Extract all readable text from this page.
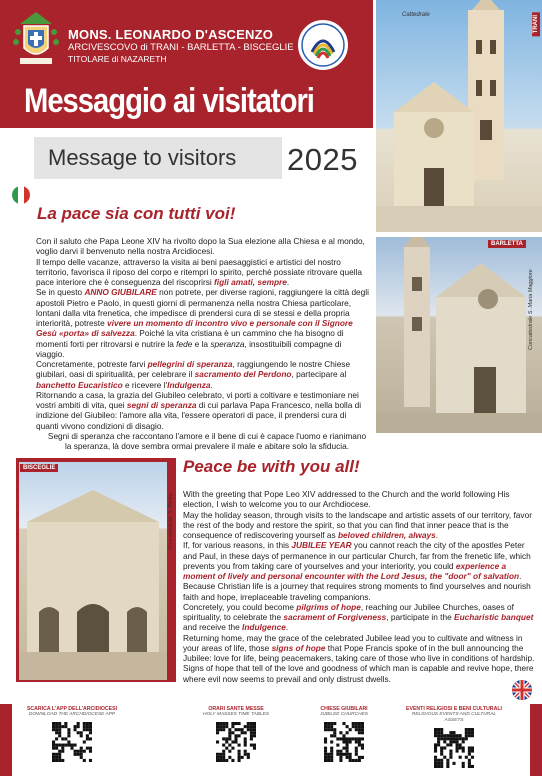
MONS. LEONARDO D'ASCENZO
ARCIVESCOVO di TRANI - BARLETTA - BISCEGLIE
TITOLARE di NAZARETH
Messaggio ai visitatori
Message to visitors 2025
TRANI
Cattedrale
BARLETTA
Concattedrale S. Maria Maggiore
La pace sia con tutti voi!

Con il saluto che Papa Leone XIV ha rivolto dopo la Sua elezione alla Chiesa e al mondo, voglio darvi il benvenuto nella nostra Arcidiocesi.

Il tempo delle vacanze, attraverso la visita ai beni paesaggistici e artistici del nostro territorio, favorisca il riposo del corpo e ritempri lo spirito, perché possiate ritrovare quella pace interiore che è conseguenza del riscoprirsi figli amati, sempre.

Se in questo ANNO GIUBILARE non potrete, per diverse ragioni, raggiungere la città degli apostoli Pietro e Paolo, in questi giorni di permanenza nella nostra Chiesa particolare, lontani dalla vita frenetica, che impedisce di prendersi cura di se stessi e della propria interiorità, potreste vivere un momento di incontro vivo e personale con il Signore Gesù «porta» di salvezza. Poiché la vita cristiana è un cammino che ha bisogno di momenti forti per ritrovarsi e nutrire la fede e la speranza, insostituibili compagne di viaggio.

Concretamente, potreste farvi pellegrini di speranza, raggiungendo le nostre Chiese giubilari, oasi di spiritualità, per celebrare il sacramento del Perdono, partecipare al banchetto Eucaristico e ricevere l'Indulgenza.

Ritornando a casa, la grazia del Giubileo celebrato, vi porti a coltivare e testimoniare nei vostri ambiti di vita, quei segni di speranza di cui parlava Papa Francesco, nella bolla di indizione del Giubileo: l'amore alla vita, l'essere operatori di pace, il prendersi cura di quanti vivono condizioni di disagio.

Segni di speranza che raccontano l'amore e il bene di cui è capace l'uomo e rianimano la speranza, là dove sembra ormai prevalere il male e abitare solo la sfiducia.

BISCEGLIE
Concattedrale S. Pietro
Peace be with you all!

With the greeting that Pope Leo XIV addressed to the Church and the world following His election, I wish to welcome you to our Archdiocese.

May the holiday season, through visits to the landscape and artistic assets of our territory, favor the rest of the body and restore the spirit, so that you can find that inner peace that is the consequence of rediscovering yourself as beloved children, always.

If, for various reasons, in this JUBILEE YEAR you cannot reach the city of the apostles Peter and Paul, in these days of permanence in our particular Church, far from the frenetic life, which prevents you from taking care of yourselves and your interiority, you could experience a moment of lively and personal encounter with the Lord Jesus, the "door" of salvation. Because Christian life is a journey that requires strong moments to find yourselves and nourish faith and hope, irreplaceable traveling companions.

Concretely, you could become pilgrims of hope, reaching our Jubilee Churches, oases of spirituality, to celebrate the sacrament of Forgiveness, participate in the Eucharistic banquet and receive the Indulgence.

Returning home, may the grace of the celebrated Jubilee lead you to cultivate and witness in your areas of life, those signs of hope that Pope Francis spoke of in the bull announcing the Jubilee: love for life, being peacemakers, taking care of those who live in conditions of hardship.

Signs of hope that tell of the love and goodness of which man is capable and revive hope, there where evil now seems to prevail and only distrust dwells.

SCARICA L'APP DELL'ARCIDIOCESI
DOWNLOAD THE ARCHDIOCESE APP
ORARI SANTE MESSE
HOLY MASSES TIME TABLES
CHIESE GIUBILARI
JUBILEE CHURCHES
EVENTI RELIGIOSI E BENI CULTURALI
RELIGIOUS EVENTS AND CULTURAL ASSETS
